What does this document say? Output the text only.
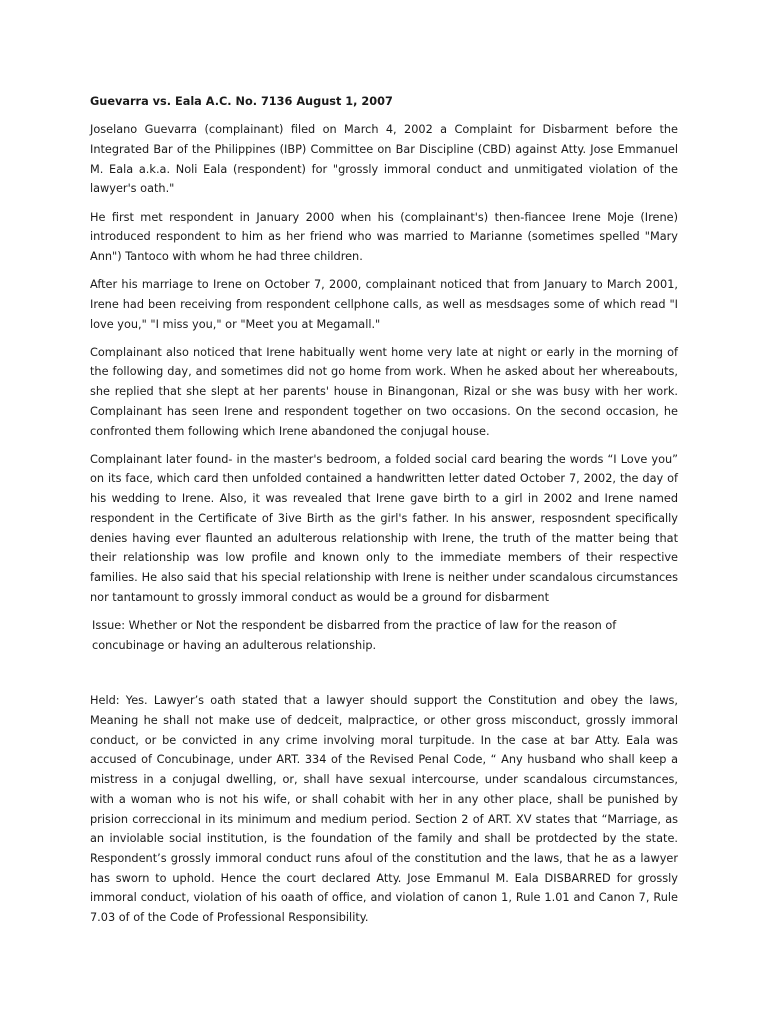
Guevarra vs. Eala A.C. No. 7136 August 1, 2007

Joselano Guevarra (complainant) filed on March 4, 2002 a Complaint for Disbarment before the Integrated Bar of the Philippines (IBP) Committee on Bar Discipline (CBD) against Atty. Jose Emmanuel M. Eala a.k.a. Noli Eala (respondent) for "grossly immoral conduct and unmitigated violation of the lawyer's oath."

He first met respondent in January 2000 when his (complainant's) then-fiancee Irene Moje (Irene) introduced respondent to him as her friend who was married to Marianne (sometimes spelled "Mary Ann") Tantoco with whom he had three children.

After his marriage to Irene on October 7, 2000, complainant noticed that from January to March 2001, Irene had been receiving from respondent cellphone calls, as well as mesdsages some of which read "I love you," "I miss you," or "Meet you at Megamall."

Complainant also noticed that Irene habitually went home very late at night or early in the morning of the following day, and sometimes did not go home from work. When he asked about her whereabouts, she replied that she slept at her parents' house in Binangonan, Rizal or she was busy with her work. Complainant has seen Irene and respondent together on two occasions. On the second occasion, he confronted them following which Irene abandoned the conjugal house.

Complainant later found- in the master's bedroom, a folded social card bearing the words “I Love you” on its face, which card then unfolded contained a handwritten letter dated October 7, 2002, the day of his wedding to Irene. Also, it was revealed that Irene gave birth to a girl in 2002 and Irene named respondent in the Certificate of 3ive Birth as the girl's father. In his answer, resposndent specifically denies having ever flaunted an adulterous relationship with Irene, the truth of the matter being that their relationship was low profile and known only to the immediate members of their respective families. He also said that his special relationship with Irene is neither under scandalous circumstances nor tantamount to grossly immoral conduct as would be a ground for disbarment

Issue: Whether or Not the respondent be disbarred from the practice of law for the reason of concubinage or having an adulterous relationship.

Held: Yes. Lawyer’s oath stated that a lawyer should support the Constitution and obey the laws, Meaning he shall not make use of dedceit, malpractice, or other gross misconduct, grossly immoral conduct, or be convicted in any crime involving moral turpitude. In the case at bar Atty. Eala was accused of Concubinage, under ART. 334 of the Revised Penal Code, “ Any husband who shall keep a mistress in a conjugal dwelling, or, shall have sexual intercourse, under scandalous circumstances, with a woman who is not his wife, or shall cohabit with her in any other place, shall be punished by prision correccional in its minimum and medium period. Section 2 of ART. XV states that “Marriage, as an inviolable social institution, is the foundation of the family and shall be protdected by the state. Respondent’s grossly immoral conduct runs afoul of the constitution and the laws, that he as a lawyer has sworn to uphold. Hence the court declared Atty. Jose Emmanul M. Eala DISBARRED for grossly immoral conduct, violation of his oaath of office, and violation of canon 1, Rule 1.01 and Canon 7, Rule 7.03 of of the Code of Professional Responsibility.
